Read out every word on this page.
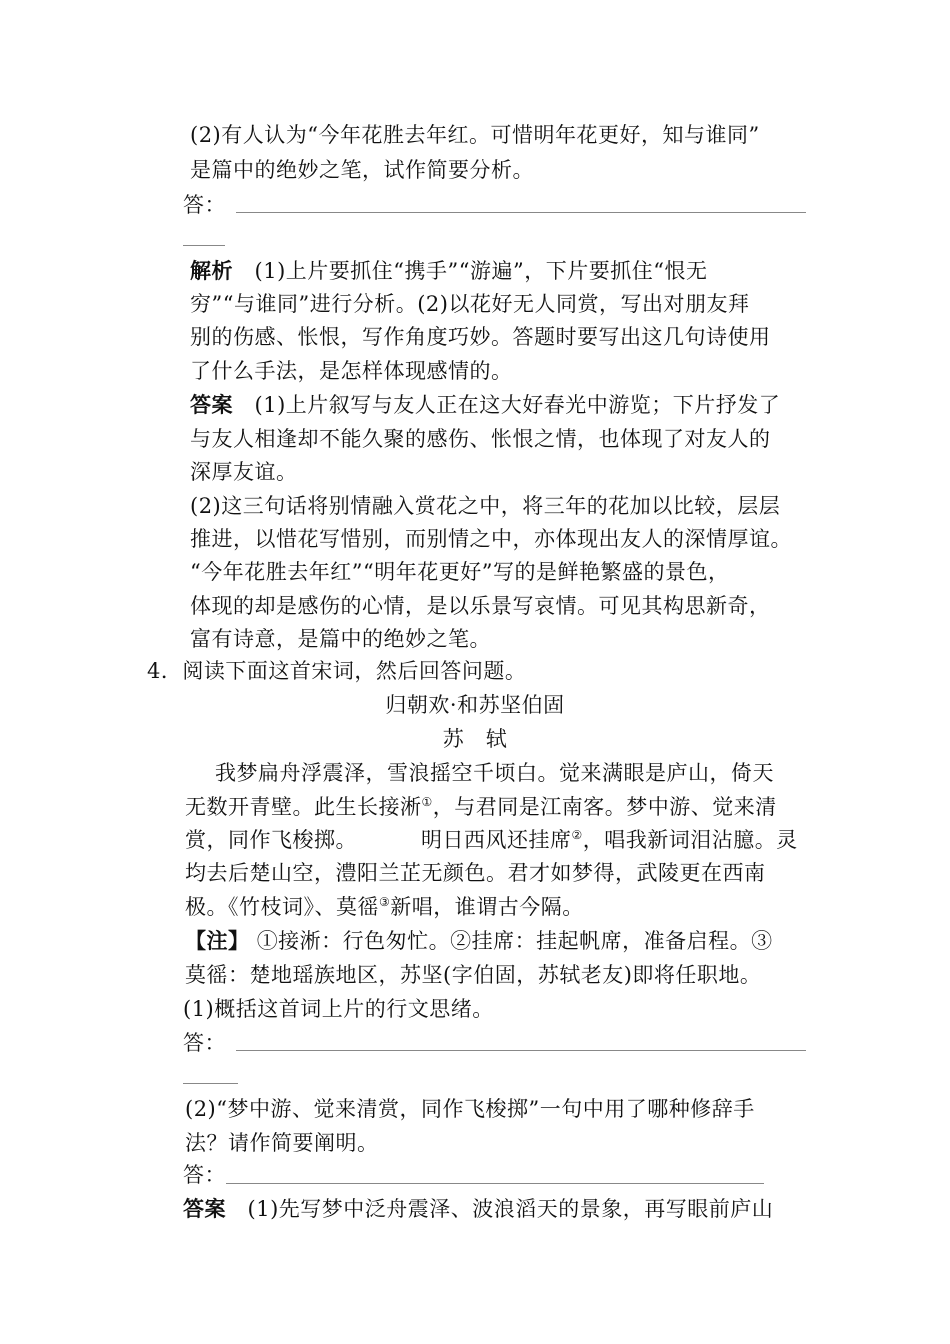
(2)有人认为“今年花胜去年红。可惜明年花更好，知与谁同”
是篇中的绝妙之笔，试作简要分析。
答：
解析 (1)上片要抓住“携手”“游遍”，下片要抓住“恨无
穷”“与谁同”进行分析。(2)以花好无人同赏，写出对朋友拜
别的伤感、怅恨，写作角度巧妙。答题时要写出这几句诗使用
了什么手法，是怎样体现感情的。
答案 (1)上片叙写与友人正在这大好春光中游览；下片抒发了
与友人相逢却不能久聚的感伤、怅恨之情，也体现了对友人的
深厚友谊。
(2)这三句话将别情融入赏花之中，将三年的花加以比较，层层
推进，以惜花写惜别，而别情之中，亦体现出友人的深情厚谊。
“今年花胜去年红”“明年花更好”写的是鲜艳繁盛的景色，
体现的却是感伤的心情，是以乐景写哀情。可见其构思新奇，
富有诗意，是篇中的绝妙之笔。
4．阅读下面这首宋词，然后回答问题。
归朝欢·和苏坚伯固
苏　轼
我梦扁舟浮震泽，雪浪摇空千顷白。觉来满眼是庐山，倚天
无数开青壁。此生长接淅①，与君同是江南客。梦中游、觉来清
赏，同作飞梭掷。	明日西风还挂席②，唱我新词泪沾臆。灵
均去后楚山空，澧阳兰芷无颜色。君才如梦得，武陵更在西南
极。《竹枝词》、莫徭③新唱，谁谓古今隔。
【注】 ①接淅：行色匆忙。②挂席：挂起帆席，准备启程。③
莫徭：楚地瑶族地区，苏坚(字伯固，苏轼老友)即将任职地。
(1)概括这首词上片的行文思绪。
答：
(2)“梦中游、觉来清赏，同作飞梭掷”一句中用了哪种修辞手
法？请作简要阐明。
答：
答案 (1)先写梦中泛舟震泽、波浪滔天的景象，再写眼前庐山
